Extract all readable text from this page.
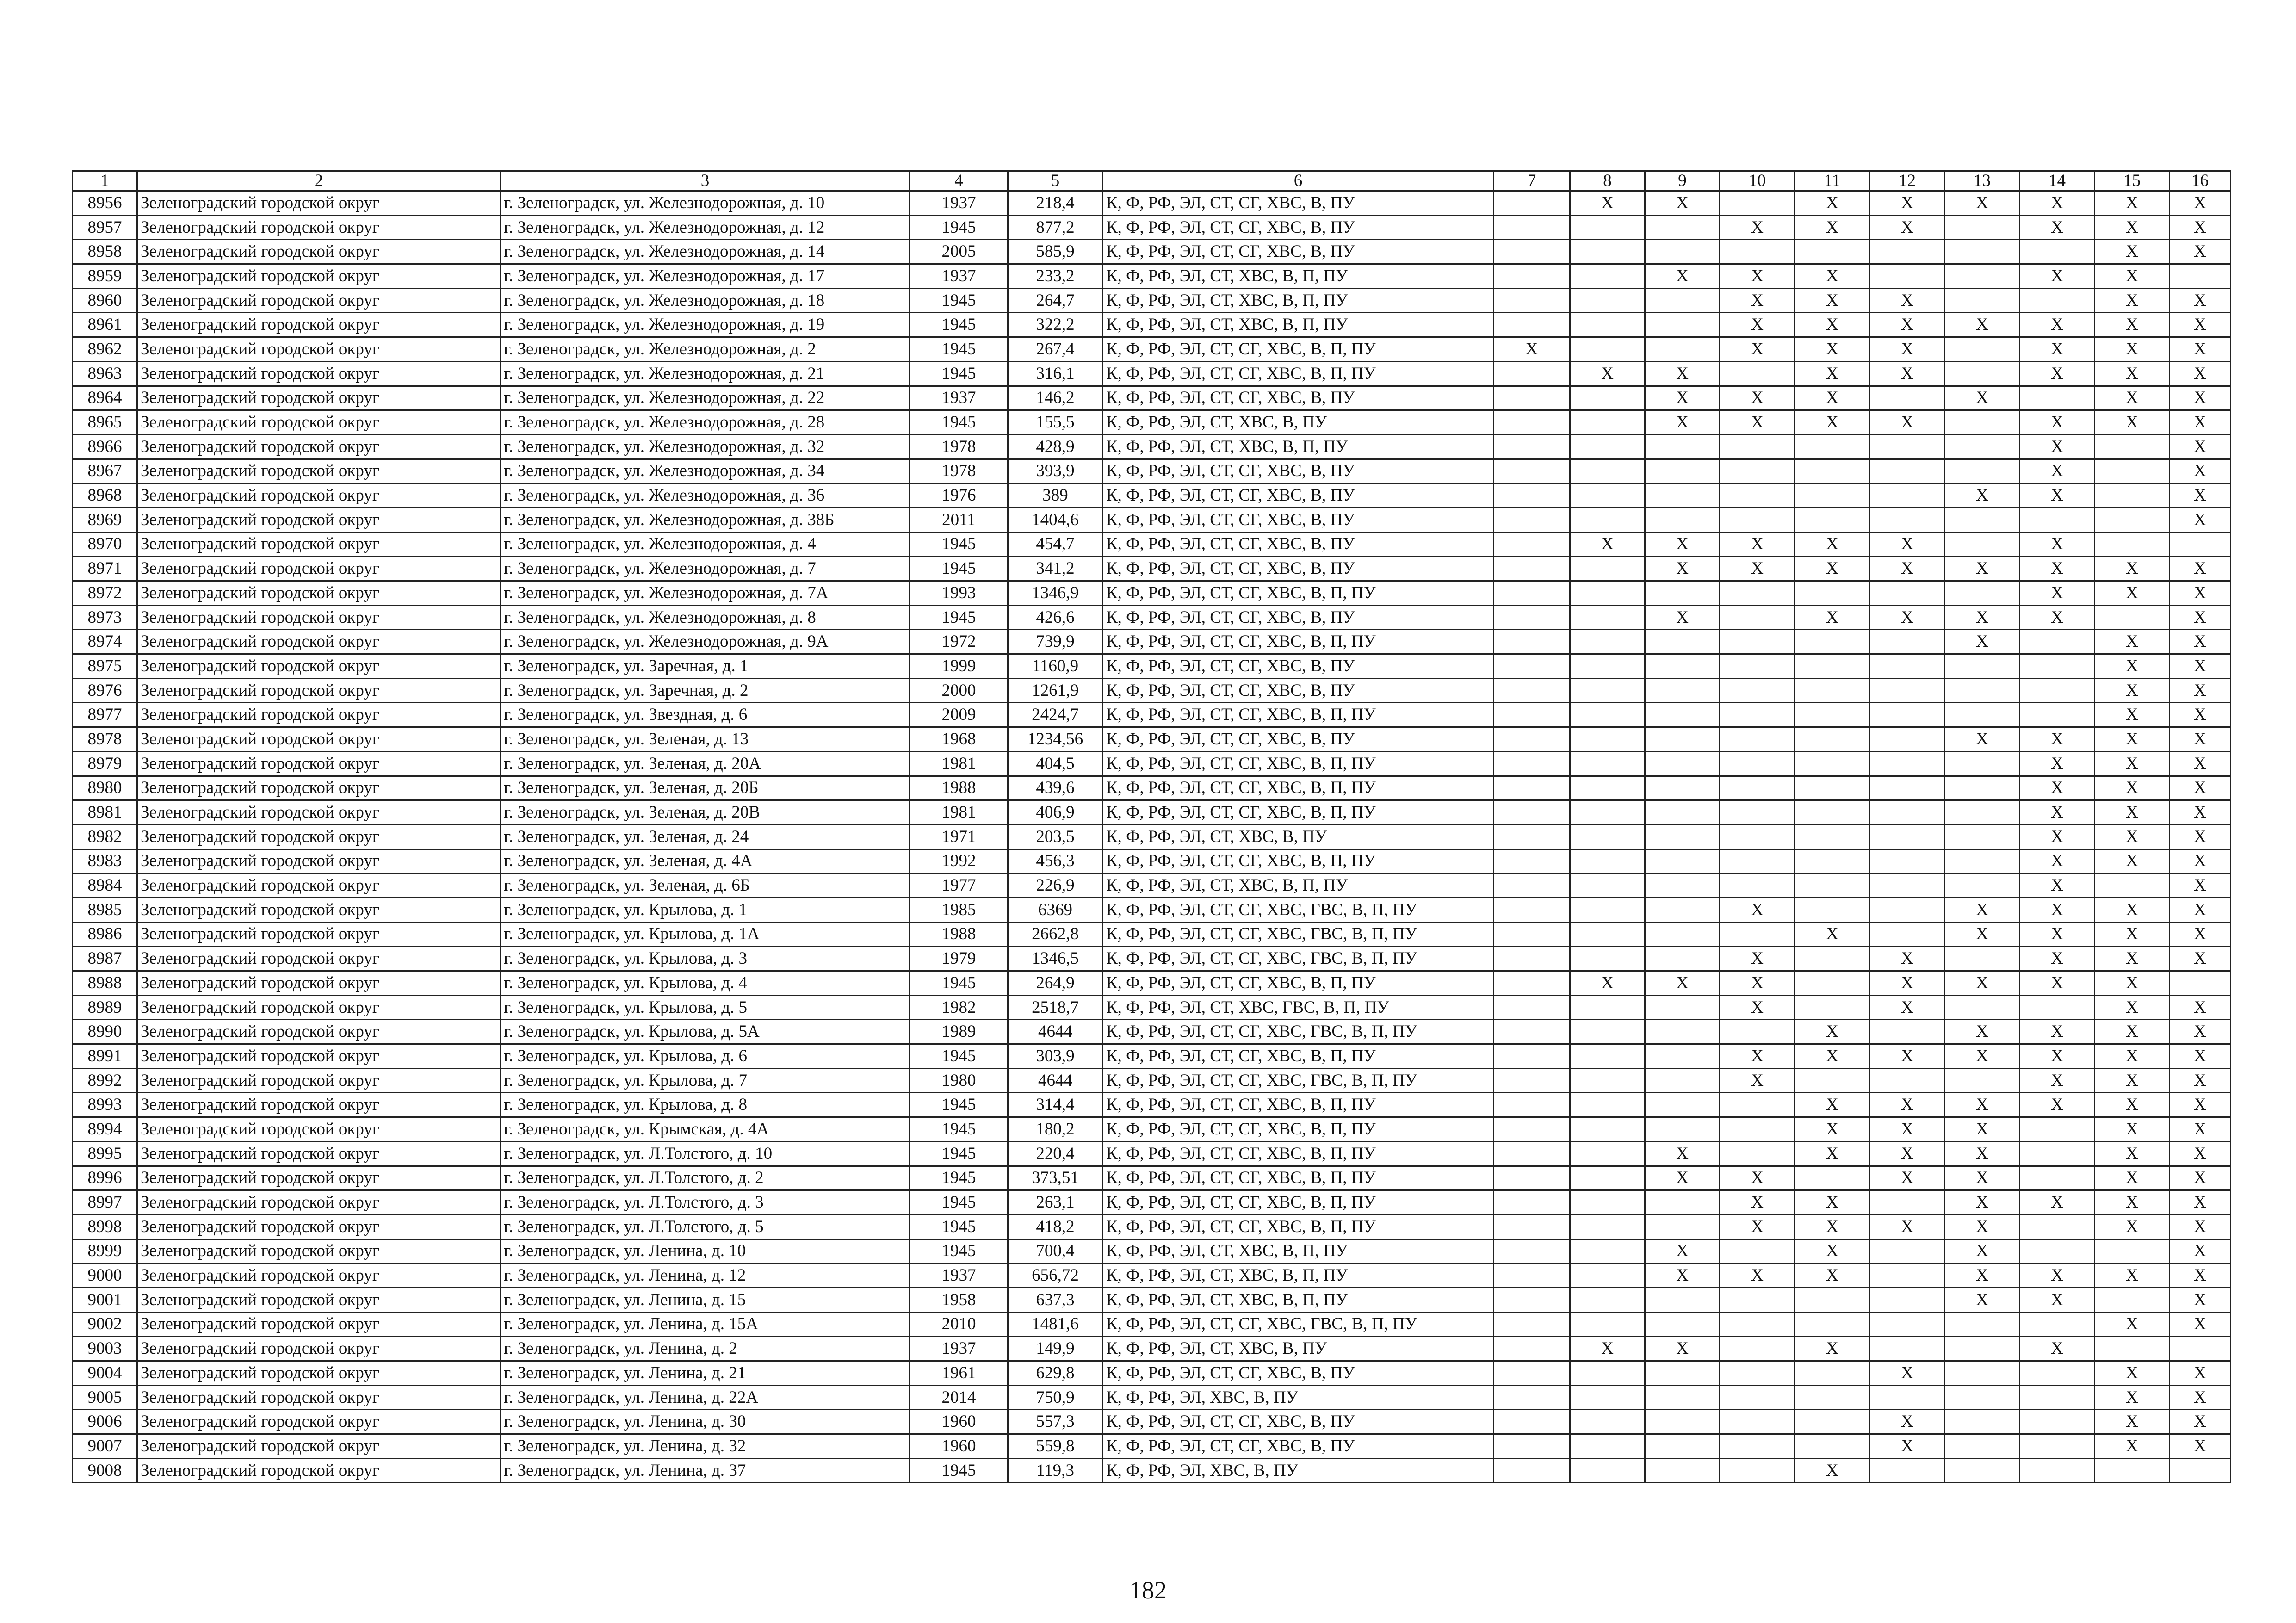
1	2	3	4	5	6	7	8	9	10	11	12	13	14	15	16
8956	Зеленоградский городской округ	г. Зеленоградск, ул. Железнодорожная, д. 10	1937	218,4	К, Ф, РФ, ЭЛ, СТ, СГ, ХВС, В, ПУ		Х	Х		Х	Х	Х	Х	Х	Х
8957	Зеленоградский городской округ	г. Зеленоградск, ул. Железнодорожная, д. 12	1945	877,2	К, Ф, РФ, ЭЛ, СТ, СГ, ХВС, В, ПУ				Х	Х	Х		Х	Х	Х
8958	Зеленоградский городской округ	г. Зеленоградск, ул. Железнодорожная, д. 14	2005	585,9	К, Ф, РФ, ЭЛ, СТ, СГ, ХВС, В, ПУ									Х	Х
8959	Зеленоградский городской округ	г. Зеленоградск, ул. Железнодорожная, д. 17	1937	233,2	К, Ф, РФ, ЭЛ, СТ, ХВС, В, П, ПУ			Х	Х	Х			Х	Х	
8960	Зеленоградский городской округ	г. Зеленоградск, ул. Железнодорожная, д. 18	1945	264,7	К, Ф, РФ, ЭЛ, СТ, ХВС, В, П, ПУ				Х	Х	Х			Х	Х
8961	Зеленоградский городской округ	г. Зеленоградск, ул. Железнодорожная, д. 19	1945	322,2	К, Ф, РФ, ЭЛ, СТ, ХВС, В, П, ПУ				Х	Х	Х	Х	Х	Х	Х
8962	Зеленоградский городской округ	г. Зеленоградск, ул. Железнодорожная, д. 2	1945	267,4	К, Ф, РФ, ЭЛ, СТ, СГ, ХВС, В, П, ПУ	Х			Х	Х	Х		Х	Х	Х
8963	Зеленоградский городской округ	г. Зеленоградск, ул. Железнодорожная, д. 21	1945	316,1	К, Ф, РФ, ЭЛ, СТ, СГ, ХВС, В, П, ПУ		Х	Х		Х	Х		Х	Х	Х
8964	Зеленоградский городской округ	г. Зеленоградск, ул. Железнодорожная, д. 22	1937	146,2	К, Ф, РФ, ЭЛ, СТ, СГ, ХВС, В, ПУ			Х	Х	Х		Х		Х	Х
8965	Зеленоградский городской округ	г. Зеленоградск, ул. Железнодорожная, д. 28	1945	155,5	К, Ф, РФ, ЭЛ, СТ, ХВС, В, ПУ			Х	Х	Х	Х		Х	Х	Х
8966	Зеленоградский городской округ	г. Зеленоградск, ул. Железнодорожная, д. 32	1978	428,9	К, Ф, РФ, ЭЛ, СТ, ХВС, В, П, ПУ								Х		Х
8967	Зеленоградский городской округ	г. Зеленоградск, ул. Железнодорожная, д. 34	1978	393,9	К, Ф, РФ, ЭЛ, СТ, СГ, ХВС, В, ПУ								Х		Х
8968	Зеленоградский городской округ	г. Зеленоградск, ул. Железнодорожная, д. 36	1976	389	К, Ф, РФ, ЭЛ, СТ, СГ, ХВС, В, ПУ							Х	Х		Х
8969	Зеленоградский городской округ	г. Зеленоградск, ул. Железнодорожная, д. 38Б	2011	1404,6	К, Ф, РФ, ЭЛ, СТ, СГ, ХВС, В, ПУ										Х
8970	Зеленоградский городской округ	г. Зеленоградск, ул. Железнодорожная, д. 4	1945	454,7	К, Ф, РФ, ЭЛ, СТ, СГ, ХВС, В, ПУ		Х	Х	Х	Х	Х		Х		
8971	Зеленоградский городской округ	г. Зеленоградск, ул. Железнодорожная, д. 7	1945	341,2	К, Ф, РФ, ЭЛ, СТ, СГ, ХВС, В, ПУ			Х	Х	Х	Х	Х	Х	Х	Х
8972	Зеленоградский городской округ	г. Зеленоградск, ул. Железнодорожная, д. 7А	1993	1346,9	К, Ф, РФ, ЭЛ, СТ, СГ, ХВС, В, П, ПУ								Х	Х	Х
8973	Зеленоградский городской округ	г. Зеленоградск, ул. Железнодорожная, д. 8	1945	426,6	К, Ф, РФ, ЭЛ, СТ, СГ, ХВС, В, ПУ			Х		Х	Х	Х	Х		Х
8974	Зеленоградский городской округ	г. Зеленоградск, ул. Железнодорожная, д. 9А	1972	739,9	К, Ф, РФ, ЭЛ, СТ, СГ, ХВС, В, П, ПУ							Х		Х	Х
8975	Зеленоградский городской округ	г. Зеленоградск, ул. Заречная, д. 1	1999	1160,9	К, Ф, РФ, ЭЛ, СТ, СГ, ХВС, В, ПУ									Х	Х
8976	Зеленоградский городской округ	г. Зеленоградск, ул. Заречная, д. 2	2000	1261,9	К, Ф, РФ, ЭЛ, СТ, СГ, ХВС, В, ПУ									Х	Х
8977	Зеленоградский городской округ	г. Зеленоградск, ул. Звездная, д. 6	2009	2424,7	К, Ф, РФ, ЭЛ, СТ, СГ, ХВС, В, П, ПУ									Х	Х
8978	Зеленоградский городской округ	г. Зеленоградск, ул. Зеленая, д. 13	1968	1234,56	К, Ф, РФ, ЭЛ, СТ, СГ, ХВС, В, ПУ							Х	Х	Х	Х
8979	Зеленоградский городской округ	г. Зеленоградск, ул. Зеленая, д. 20А	1981	404,5	К, Ф, РФ, ЭЛ, СТ, СГ, ХВС, В, П, ПУ								Х	Х	Х
8980	Зеленоградский городской округ	г. Зеленоградск, ул. Зеленая, д. 20Б	1988	439,6	К, Ф, РФ, ЭЛ, СТ, СГ, ХВС, В, П, ПУ								Х	Х	Х
8981	Зеленоградский городской округ	г. Зеленоградск, ул. Зеленая, д. 20В	1981	406,9	К, Ф, РФ, ЭЛ, СТ, СГ, ХВС, В, П, ПУ								Х	Х	Х
8982	Зеленоградский городской округ	г. Зеленоградск, ул. Зеленая, д. 24	1971	203,5	К, Ф, РФ, ЭЛ, СТ, ХВС, В, ПУ								Х	Х	Х
8983	Зеленоградский городской округ	г. Зеленоградск, ул. Зеленая, д. 4А	1992	456,3	К, Ф, РФ, ЭЛ, СТ, СГ, ХВС, В, П, ПУ								Х	Х	Х
8984	Зеленоградский городской округ	г. Зеленоградск, ул. Зеленая, д. 6Б	1977	226,9	К, Ф, РФ, ЭЛ, СТ, ХВС, В, П, ПУ								Х		Х
8985	Зеленоградский городской округ	г. Зеленоградск, ул. Крылова, д. 1	1985	6369	К, Ф, РФ, ЭЛ, СТ, СГ, ХВС, ГВС, В, П, ПУ				Х			Х	Х	Х	Х
8986	Зеленоградский городской округ	г. Зеленоградск, ул. Крылова, д. 1А	1988	2662,8	К, Ф, РФ, ЭЛ, СТ, СГ, ХВС, ГВС, В, П, ПУ					Х		Х	Х	Х	Х
8987	Зеленоградский городской округ	г. Зеленоградск, ул. Крылова, д. 3	1979	1346,5	К, Ф, РФ, ЭЛ, СТ, СГ, ХВС, ГВС, В, П, ПУ				Х		Х		Х	Х	Х
8988	Зеленоградский городской округ	г. Зеленоградск, ул. Крылова, д. 4	1945	264,9	К, Ф, РФ, ЭЛ, СТ, СГ, ХВС, В, П, ПУ		Х	Х	Х		Х	Х	Х	Х	
8989	Зеленоградский городской округ	г. Зеленоградск, ул. Крылова, д. 5	1982	2518,7	К, Ф, РФ, ЭЛ, СТ, ХВС, ГВС, В, П, ПУ				Х		Х			Х	Х
8990	Зеленоградский городской округ	г. Зеленоградск, ул. Крылова, д. 5А	1989	4644	К, Ф, РФ, ЭЛ, СТ, СГ, ХВС, ГВС, В, П, ПУ					Х		Х	Х	Х	Х
8991	Зеленоградский городской округ	г. Зеленоградск, ул. Крылова, д. 6	1945	303,9	К, Ф, РФ, ЭЛ, СТ, СГ, ХВС, В, П, ПУ				Х	Х	Х	Х	Х	Х	Х
8992	Зеленоградский городской округ	г. Зеленоградск, ул. Крылова, д. 7	1980	4644	К, Ф, РФ, ЭЛ, СТ, СГ, ХВС, ГВС, В, П, ПУ				Х				Х	Х	Х
8993	Зеленоградский городской округ	г. Зеленоградск, ул. Крылова, д. 8	1945	314,4	К, Ф, РФ, ЭЛ, СТ, СГ, ХВС, В, П, ПУ					Х	Х	Х	Х	Х	Х
8994	Зеленоградский городской округ	г. Зеленоградск, ул. Крымская, д. 4А	1945	180,2	К, Ф, РФ, ЭЛ, СТ, СГ, ХВС, В, П, ПУ					Х	Х	Х		Х	Х
8995	Зеленоградский городской округ	г. Зеленоградск, ул. Л.Толстого, д. 10	1945	220,4	К, Ф, РФ, ЭЛ, СТ, СГ, ХВС, В, П, ПУ			Х		Х	Х	Х		Х	Х
8996	Зеленоградский городской округ	г. Зеленоградск, ул. Л.Толстого, д. 2	1945	373,51	К, Ф, РФ, ЭЛ, СТ, СГ, ХВС, В, П, ПУ			Х	Х		Х	Х		Х	Х
8997	Зеленоградский городской округ	г. Зеленоградск, ул. Л.Толстого, д. 3	1945	263,1	К, Ф, РФ, ЭЛ, СТ, СГ, ХВС, В, П, ПУ				Х	Х		Х	Х	Х	Х
8998	Зеленоградский городской округ	г. Зеленоградск, ул. Л.Толстого, д. 5	1945	418,2	К, Ф, РФ, ЭЛ, СТ, СГ, ХВС, В, П, ПУ				Х	Х	Х	Х		Х	Х
8999	Зеленоградский городской округ	г. Зеленоградск, ул. Ленина, д. 10	1945	700,4	К, Ф, РФ, ЭЛ, СТ, ХВС, В, П, ПУ			Х		Х		Х			Х
9000	Зеленоградский городской округ	г. Зеленоградск, ул. Ленина, д. 12	1937	656,72	К, Ф, РФ, ЭЛ, СТ, ХВС, В, П, ПУ			Х	Х	Х		Х	Х	Х	Х
9001	Зеленоградский городской округ	г. Зеленоградск, ул. Ленина, д. 15	1958	637,3	К, Ф, РФ, ЭЛ, СТ, ХВС, В, П, ПУ							Х	Х		Х
9002	Зеленоградский городской округ	г. Зеленоградск, ул. Ленина, д. 15А	2010	1481,6	К, Ф, РФ, ЭЛ, СТ, СГ, ХВС, ГВС, В, П, ПУ									Х	Х
9003	Зеленоградский городской округ	г. Зеленоградск, ул. Ленина, д. 2	1937	149,9	К, Ф, РФ, ЭЛ, СТ, ХВС, В, ПУ		Х	Х		Х			Х		
9004	Зеленоградский городской округ	г. Зеленоградск, ул. Ленина, д. 21	1961	629,8	К, Ф, РФ, ЭЛ, СТ, СГ, ХВС, В, ПУ						Х			Х	Х
9005	Зеленоградский городской округ	г. Зеленоградск, ул. Ленина, д. 22А	2014	750,9	К, Ф, РФ, ЭЛ, ХВС, В, ПУ									Х	Х
9006	Зеленоградский городской округ	г. Зеленоградск, ул. Ленина, д. 30	1960	557,3	К, Ф, РФ, ЭЛ, СТ, СГ, ХВС, В, ПУ						Х			Х	Х
9007	Зеленоградский городской округ	г. Зеленоградск, ул. Ленина, д. 32	1960	559,8	К, Ф, РФ, ЭЛ, СТ, СГ, ХВС, В, ПУ						Х			Х	Х
9008	Зеленоградский городской округ	г. Зеленоградск, ул. Ленина, д. 37	1945	119,3	К, Ф, РФ, ЭЛ, ХВС, В, ПУ					Х					
182
